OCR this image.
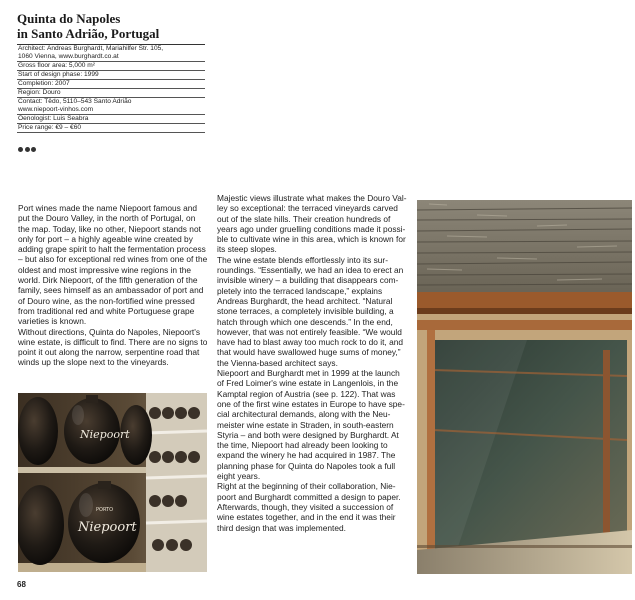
Quinta do Napoles
in Santo Adrião, Portugal
Architect: Andreas Burghardt, Mariahilfer Str. 105,
1060 Vienna, www.burghardt.co.at
Gross floor area: 5,000 m²
Start of design phase: 1999
Completion: 2007
Region: Douro
Contact: Têdo, 5110–543 Santo Adrião
www.niepoort-vinhos.com
Oenologist: Luis Seabra
Price range: €9 – €60

Port wines made the name Niepoort famous and
put the Douro Valley, in the north of Portugal, on
the map. Today, like no other, Niepoort stands not
only for port – a highly ageable wine created by
adding grape spirit to halt the fermentation process
– but also for exceptional red wines from one of the
oldest and most impressive wine regions in the
world. Dirk Niepoort, of the fifth generation of the
family, sees himself as an ambassador of port and
of Douro wine, as the non-fortified wine pressed
from traditional red and white Portuguese grape
varieties is known.

Without directions, Quinta do Napoles, Niepoort's
wine estate, is difficult to find. There are no signs to
point it out along the narrow, serpentine road that
winds up the slope next to the vineyards.

Majestic views illustrate what makes the Douro Val-
ley so exceptional: the terraced vineyards carved
out of the slate hills. Their creation hundreds of
years ago under gruelling conditions made it possi-
ble to cultivate wine in this area, which is known for
its steep slopes.

The wine estate blends effortlessly into its sur-
roundings. “Essentially, we had an idea to erect an
invisible winery – a building that disappears com-
pletely into the terraced landscape,” explains
Andreas Burghardt, the head architect. “Natural
stone terraces, a completely invisible building, a
hatch through which one descends.” In the end,
however, that was not entirely feasible. “We would
have had to blast away too much rock to do it, and
that would have swallowed huge sums of money,”
the Vienna-based architect says.

Niepoort and Burghardt met in 1999 at the launch
of Fred Loimer's wine estate in Langenlois, in the
Kamptal region of Austria (see p. 122). That was
one of the first wine estates in Europe to have spe-
cial architectural demands, along with the Neu-
meister wine estate in Straden, in south-eastern
Styria – and both were designed by Burghardt. At
the time, Niepoort had already been looking to
expand the winery he had acquired in 1987. The
planning phase for Quinta do Napoles took a full
eight years.

Right at the beginning of their collaboration, Nie-
poort and Burghardt committed a design to paper.
Afterwards, though, they visited a succession of
wine estates together, and in the end it was their
third design that was implemented.

Niepoort
Niepoort
PORTO
68
